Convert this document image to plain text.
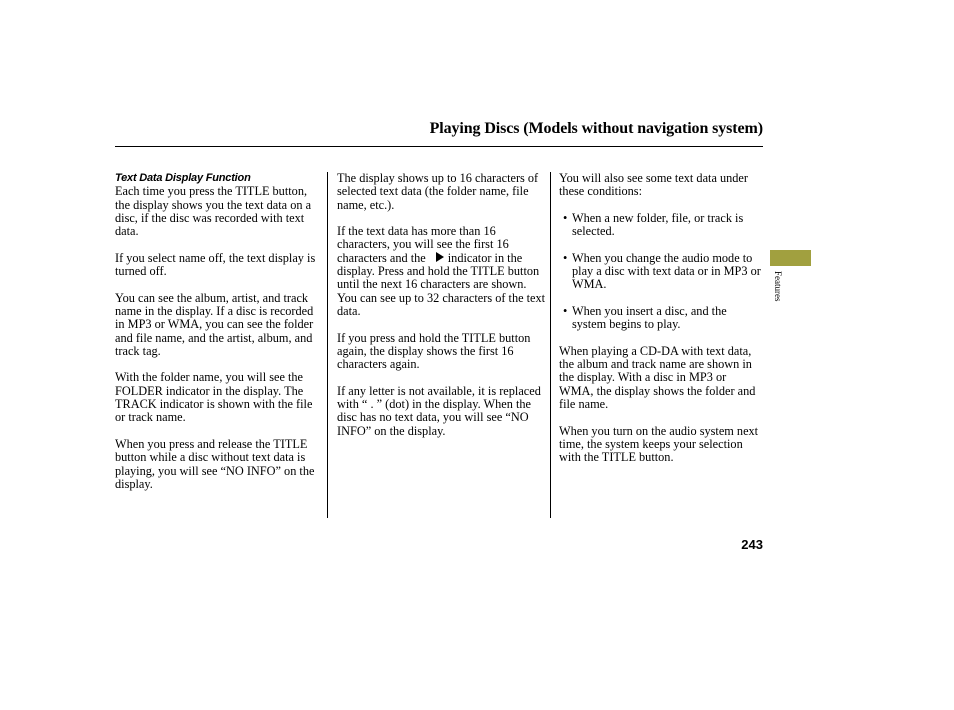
Playing Discs (Models without navigation system)
Text Data Display Function

Each time you press the TITLE button, the display shows you the text data on a disc, if the disc was recorded with text data.

If you select name off, the text display is turned off.

You can see the album, artist, and track name in the display. If a disc is recorded in MP3 or WMA, you can see the folder and file name, and the artist, album, and track tag.

With the folder name, you will see the FOLDER indicator in the display. The TRACK indicator is shown with the file or track name.

When you press and release the TITLE button while a disc without text data is playing, you will see “NO INFO” on the display.

The display shows up to 16 characters of selected text data (the folder name, file name, etc.).

If the text data has more than 16 characters, you will see the first 16 characters and the indicator in the display. Press and hold the TITLE button until the next 16 characters are shown. You can see up to 32 characters of the text data.

If you press and hold the TITLE button again, the display shows the first 16 characters again.

If any letter is not available, it is replaced with “ . ” (dot) in the display. When the disc has no text data, you will see “NO INFO” on the display.

You will also see some text data under these conditions:

• When a new folder, file, or track is selected.
• When you change the audio mode to play a disc with text data or in MP3 or WMA.
• When you insert a disc, and the system begins to play.

When playing a CD-DA with text data, the album and track name are shown in the display. With a disc in MP3 or WMA, the display shows the folder and file name.

When you turn on the audio system next time, the system keeps your selection with the TITLE button.

Features
243
